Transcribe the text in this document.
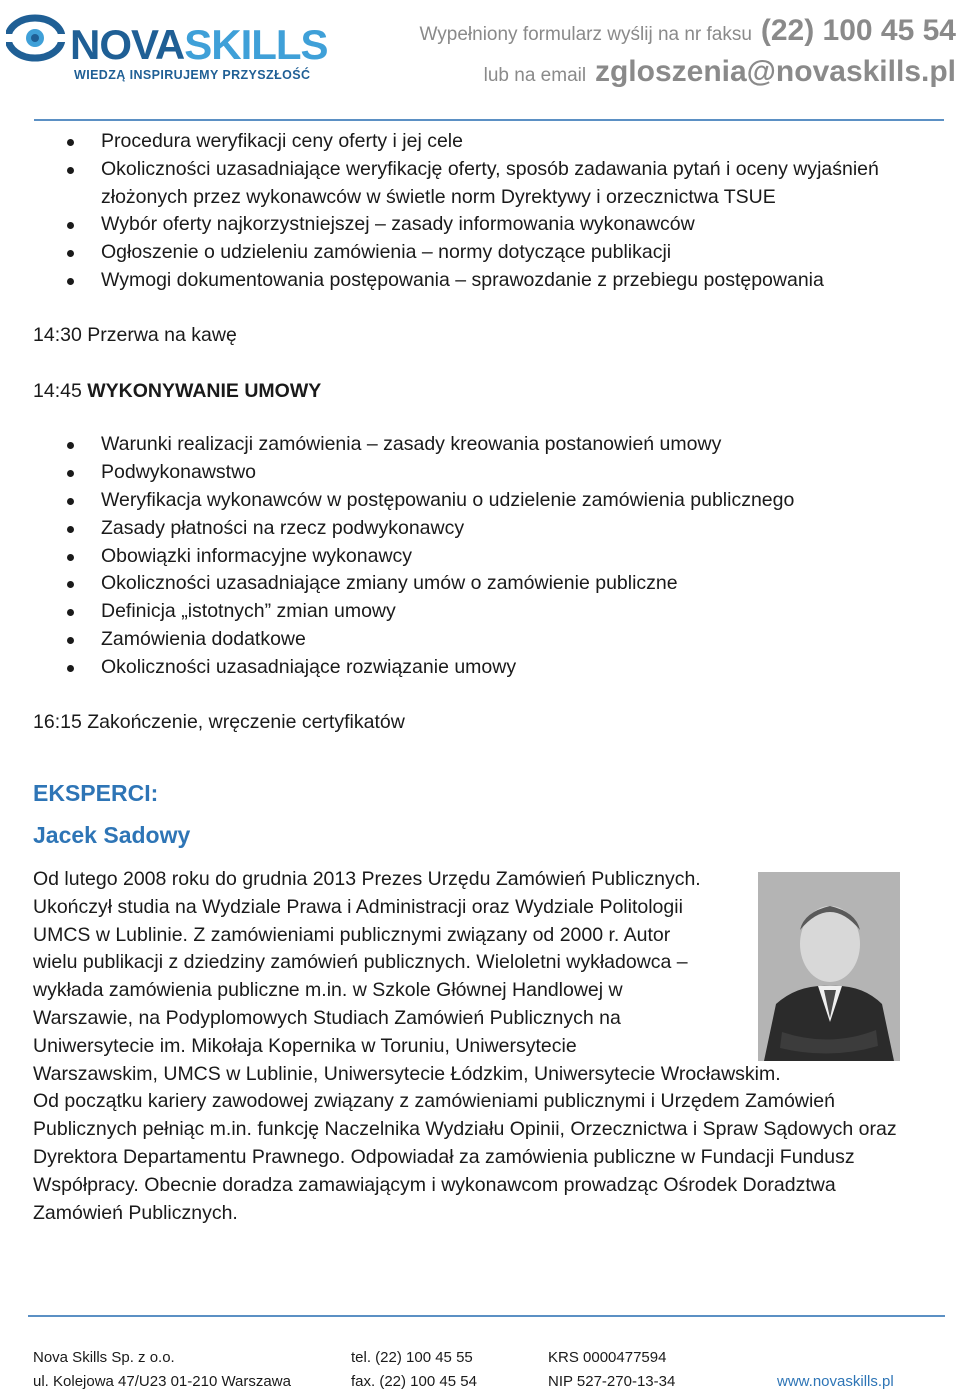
NOVASKILLS
WIEDZĄ INSPIRUJEMY PRZYSZŁOŚĆ
Wypełniony formularz wyślij na nr faksu (22) 100 45 54
lub na email zgloszenia@novaskills.pl
Procedura weryfikacji ceny oferty i jej cele
Okoliczności uzasadniające weryfikację oferty, sposób zadawania pytań i oceny wyjaśnień złożonych przez wykonawców w świetle norm Dyrektywy i orzecznictwa TSUE
Wybór oferty najkorzystniejszej – zasady informowania wykonawców
Ogłoszenie o udzieleniu zamówienia – normy dotyczące publikacji
Wymogi dokumentowania postępowania – sprawozdanie z przebiegu postępowania

14:30 Przerwa na kawę

14:45 WYKONYWANIE UMOWY

Warunki realizacji zamówienia – zasady kreowania postanowień umowy
Podwykonawstwo
Weryfikacja wykonawców w postępowaniu o udzielenie zamówienia publicznego
Zasady płatności na rzecz podwykonawcy
Obowiązki informacyjne wykonawcy
Okoliczności uzasadniające zmiany umów o zamówienie publiczne
Definicja „istotnych” zmian umowy
Zamówienia dodatkowe
Okoliczności uzasadniające rozwiązanie umowy

16:15 Zakończenie, wręczenie certyfikatów

EKSPERCI:

Jacek Sadowy

Od lutego 2008 roku do grudnia 2013 Prezes Urzędu Zamówień Publicznych.
Ukończył studia na Wydziale Prawa i Administracji oraz Wydziale Politologii
UMCS w Lublinie. Z zamówieniami publicznymi związany od 2000 r. Autor
wielu publikacji z dziedziny zamówień publicznych. Wieloletni wykładowca –
wykłada zamówienia publiczne m.in. w Szkole Głównej Handlowej w
Warszawie, na Podyplomowych Studiach Zamówień Publicznych na
Uniwersytecie im. Mikołaja Kopernika w Toruniu, Uniwersytecie
Warszawskim, UMCS w Lublinie, Uniwersytecie Łódzkim, Uniwersytecie Wrocławskim.
Od początku kariery zawodowej związany z zamówieniami publicznymi i Urzędem Zamówień
Publicznych pełniąc m.in. funkcję Naczelnika Wydziału Opinii, Orzecznictwa i Spraw Sądowych oraz
Dyrektora Departamentu Prawnego. Odpowiadał za zamówienia publiczne w Fundacji Fundusz
Współpracy. Obecnie doradza zamawiającym i wykonawcom prowadząc Ośrodek Doradztwa
Zamówień Publicznych.
Nova Skills Sp. z o.o.
ul. Kolejowa 47/U23 01-210 Warszawa
tel. (22) 100 45 55
fax. (22) 100 45 54
KRS 0000477594
NIP 527-270-13-34	www.novaskills.pl
